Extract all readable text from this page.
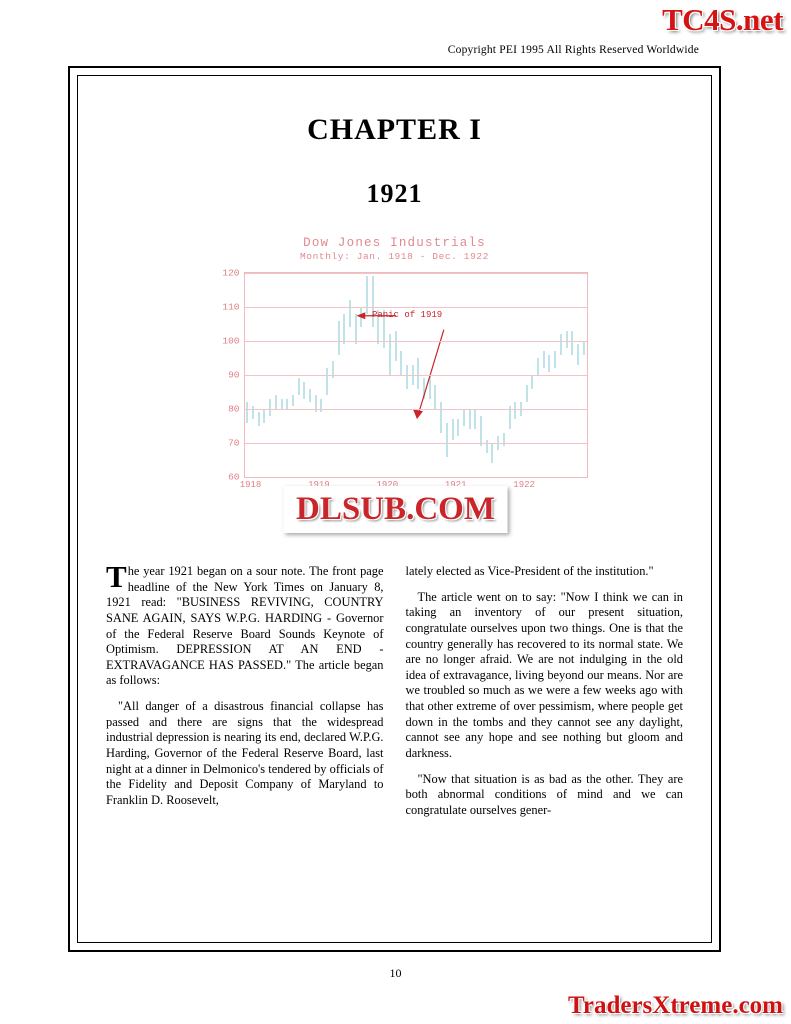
TC4S.net
Copyright PEI 1995 All Rights Reserved Worldwide
CHAPTER I
1921
Dow Jones Industrials
Monthly: Jan. 1918 - Dec. 1922
60
70
80
90
100
110
120
1918	1919	1920	1921	1922
Panic of 1919

The year 1921 began on a sour note. The front page headline of the New York Times on January 8, 1921 read: "BUSINESS REVIVING, COUNTRY SANE AGAIN, SAYS W.P.G. HARDING - Governor of the Federal Reserve Board Sounds Keynote of Optimism. DEPRESSION AT AN END - EXTRAVAGANCE HAS PASSED." The article began as follows:

"All danger of a disastrous financial collapse has passed and there are signs that the widespread industrial depression is nearing its end, declared W.P.G. Harding, Governor of the Federal Reserve Board, last night at a dinner in Delmonico's tendered by officials of the Fidelity and Deposit Company of Maryland to Franklin D. Roosevelt,

lately elected as Vice-President of the institution."

The article went on to say: "Now I think we can in taking an inventory of our present situation, congratulate ourselves upon two things. One is that the country generally has recovered to its normal state. We are no longer afraid. We are not indulging in the old idea of extravagance, living beyond our means. Nor are we troubled so much as we were a few weeks ago with that other extreme of over pessimism, where people get down in the tombs and they cannot see any daylight, cannot see any hope and see nothing but gloom and darkness.

"Now that situation is as bad as the other. They are both abnormal conditions of mind and we can congratulate ourselves gener-

DLSUB.COM
10
TradersXtreme.com
